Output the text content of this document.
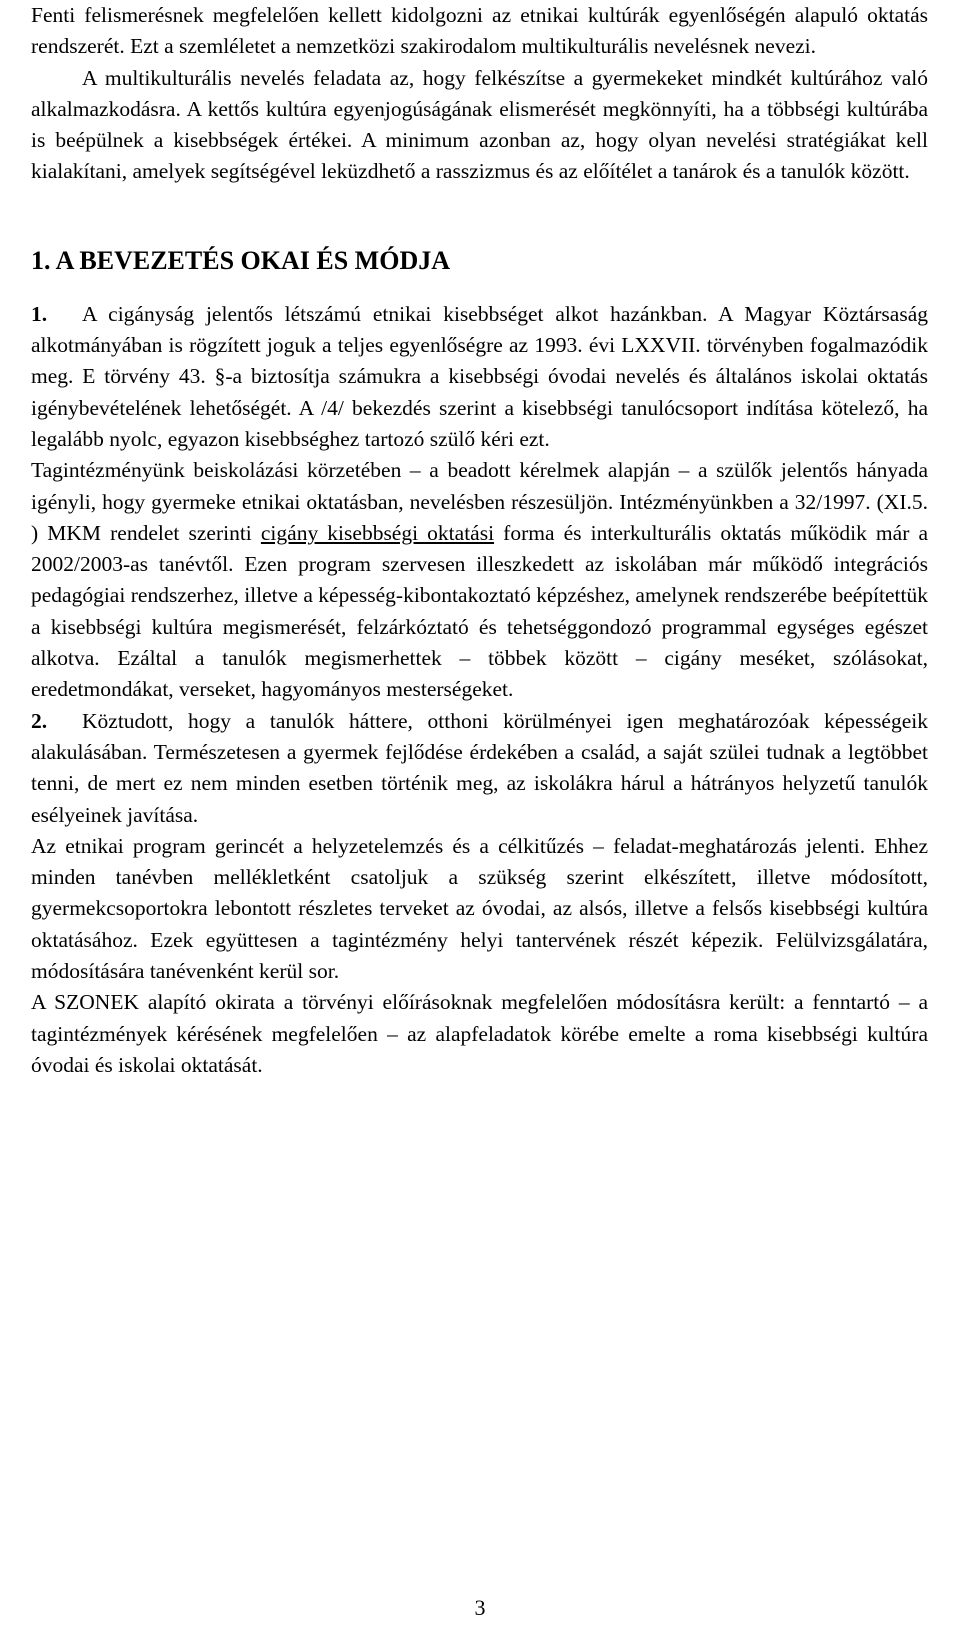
Fenti felismerésnek megfelelően kellett kidolgozni az etnikai kultúrák egyenlőségén alapuló oktatás rendszerét. Ezt a szemléletet a nemzetközi szakirodalom multikulturális nevelésnek nevezi.

A multikulturális nevelés feladata az, hogy felkészítse a gyermekeket mindkét kultúrához való alkalmazkodásra. A kettős kultúra egyenjogúságának elismerését megkönnyíti, ha a többségi kultúrába is beépülnek a kisebbségek értékei. A minimum azonban az, hogy olyan nevelési stratégiákat kell kialakítani, amelyek segítségével leküzdhető a rasszizmus és az előítélet a tanárok és a tanulók között.

1. A BEVEZETÉS OKAI ÉS MÓDJA

1. A cigányság jelentős létszámú etnikai kisebbséget alkot hazánkban. A Magyar Köztársaság alkotmányában is rögzített joguk a teljes egyenlőségre az 1993. évi LXXVII. törvényben fogalmazódik meg. E törvény 43. §-a biztosítja számukra a kisebbségi óvodai nevelés és általános iskolai oktatás igénybevételének lehetőségét. A /4/ bekezdés szerint a kisebbségi tanulócsoport indítása kötelező, ha legalább nyolc, egyazon kisebbséghez tartozó szülő kéri ezt.

Tagintézményünk beiskolázási körzetében – a beadott kérelmek alapján – a szülők jelentős hányada igényli, hogy gyermeke etnikai oktatásban, nevelésben részesüljön. Intézményünkben a 32/1997. (XI.5. ) MKM rendelet szerinti cigány kisebbségi oktatási forma és interkulturális oktatás működik már a 2002/2003-as tanévtől. Ezen program szervesen illeszkedett az iskolában már működő integrációs pedagógiai rendszerhez, illetve a képesség-kibontakoztató képzéshez, amelynek rendszerébe beépítettük a kisebbségi kultúra megismerését, felzárkóztató és tehetséggondozó programmal egységes egészet alkotva. Ezáltal a tanulók megismerhettek – többek között – cigány meséket, szólásokat, eredetmondákat, verseket, hagyományos mesterségeket.

2. Köztudott, hogy a tanulók háttere, otthoni körülményei igen meghatározóak képességeik alakulásában. Természetesen a gyermek fejlődése érdekében a család, a saját szülei tudnak a legtöbbet tenni, de mert ez nem minden esetben történik meg, az iskolákra hárul a hátrányos helyzetű tanulók esélyeinek javítása.

Az etnikai program gerincét a helyzetelemzés és a célkitűzés – feladat-meghatározás jelenti. Ehhez minden tanévben mellékletként csatoljuk a szükség szerint elkészített, illetve módosított, gyermekcsoportokra lebontott részletes terveket az óvodai, az alsós, illetve a felsős kisebbségi kultúra oktatásához. Ezek együttesen a tagintézmény helyi tantervének részét képezik. Felülvizsgálatára, módosítására tanévenként kerül sor.

A SZONEK alapító okirata a törvényi előírásoknak megfelelően módosításra került: a fenntartó – a tagintézmények kérésének megfelelően – az alapfeladatok körébe emelte a roma kisebbségi kultúra óvodai és iskolai oktatását.

3
